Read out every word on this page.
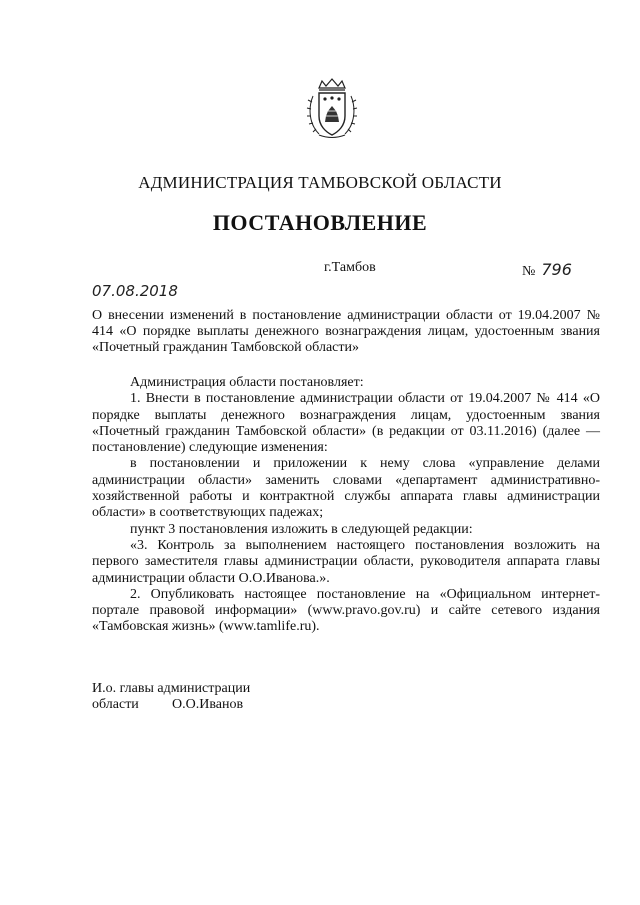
АДМИНИСТРАЦИЯ ТАМБОВСКОЙ ОБЛАСТИ
ПОСТАНОВЛЕНИЕ
г.Тамбов	№ 796
07.08.2018
О внесении изменений в постановление администрации области от 19.04.2007 № 414 «О порядке выплаты денежного вознаграждения лицам, удостоенным звания «Почетный гражданин Тамбовской области»

Администрация области постановляет:

1. Внести в постановление администрации области от 19.04.2007 № 414 «О порядке выплаты денежного вознаграждения лицам, удостоенным звания «Почетный гражданин Тамбовской области» (в редакции от 03.11.2016) (далее — постановление) следующие изменения:

в постановлении и приложении к нему слова «управление делами администрации области» заменить словами «департамент административно-хозяйственной работы и контрактной службы аппарата главы администрации области» в соответствующих падежах;

пункт 3 постановления изложить в следующей редакции:

«3. Контроль за выполнением настоящего постановления возложить на первого заместителя главы администрации области, руководителя аппарата главы администрации области О.О.Иванова.».

2. Опубликовать настоящее постановление на «Официальном интернет-портале правовой информации» (www.pravo.gov.ru) и сайте сетевого издания «Тамбовская жизнь» (www.tamlife.ru).

И.о. главы администрации
области О.О.Иванов
